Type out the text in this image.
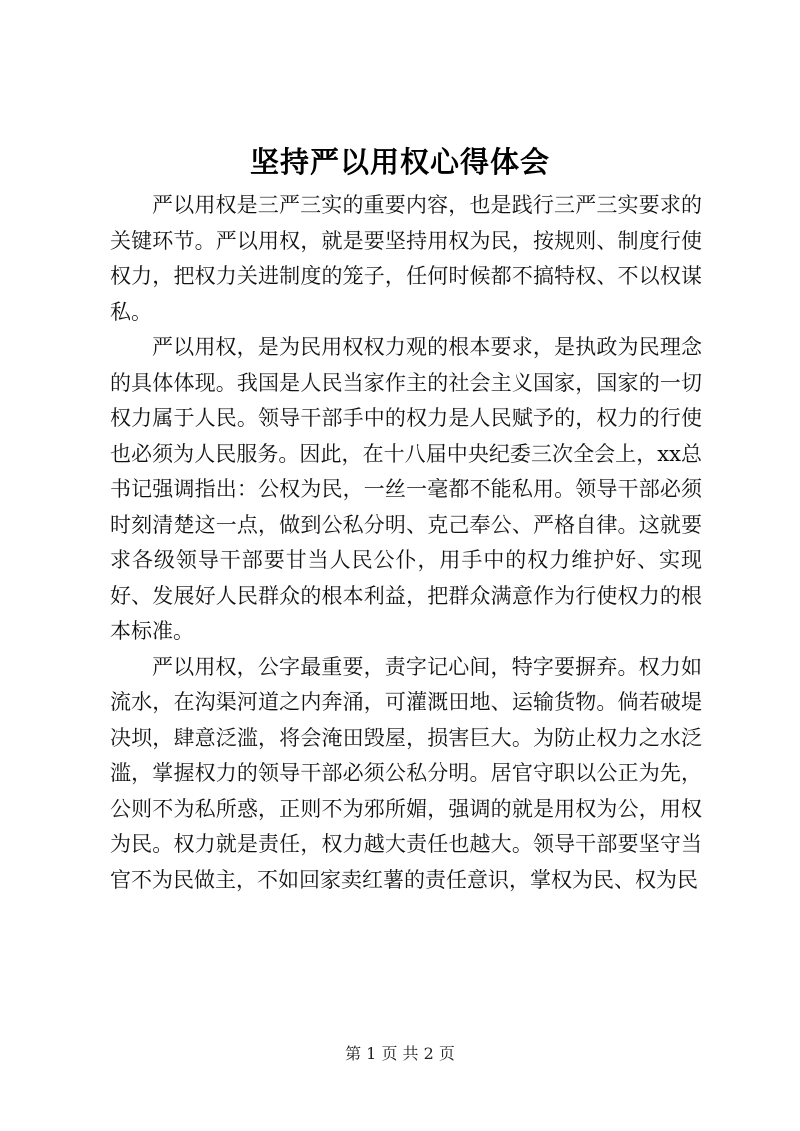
坚持严以用权心得体会

严以用权是三严三实的重要内容，也是践行三严三实要求的关键环节。严以用权，就是要坚持用权为民，按规则、制度行使权力，把权力关进制度的笼子，任何时候都不搞特权、不以权谋私。

严以用权，是为民用权权力观的根本要求，是执政为民理念的具体体现。我国是人民当家作主的社会主义国家，国家的一切权力属于人民。领导干部手中的权力是人民赋予的，权力的行使也必须为人民服务。因此，在十八届中央纪委三次全会上，xx总书记强调指出：公权为民，一丝一毫都不能私用。领导干部必须时刻清楚这一点，做到公私分明、克己奉公、严格自律。这就要求各级领导干部要甘当人民公仆，用手中的权力维护好、实现好、发展好人民群众的根本利益，把群众满意作为行使权力的根本标准。

严以用权，公字最重要，责字记心间，特字要摒弃。权力如流水，在沟渠河道之内奔涌，可灌溉田地、运输货物。倘若破堤决坝，肆意泛滥，将会淹田毁屋，损害巨大。为防止权力之水泛滥，掌握权力的领导干部必须公私分明。居官守职以公正为先，公则不为私所惑，正则不为邪所媚，强调的就是用权为公，用权为民。权力就是责任，权力越大责任也越大。领导干部要坚守当官不为民做主，不如回家卖红薯的责任意识，掌权为民、权为民

第 1 页 共 2 页
